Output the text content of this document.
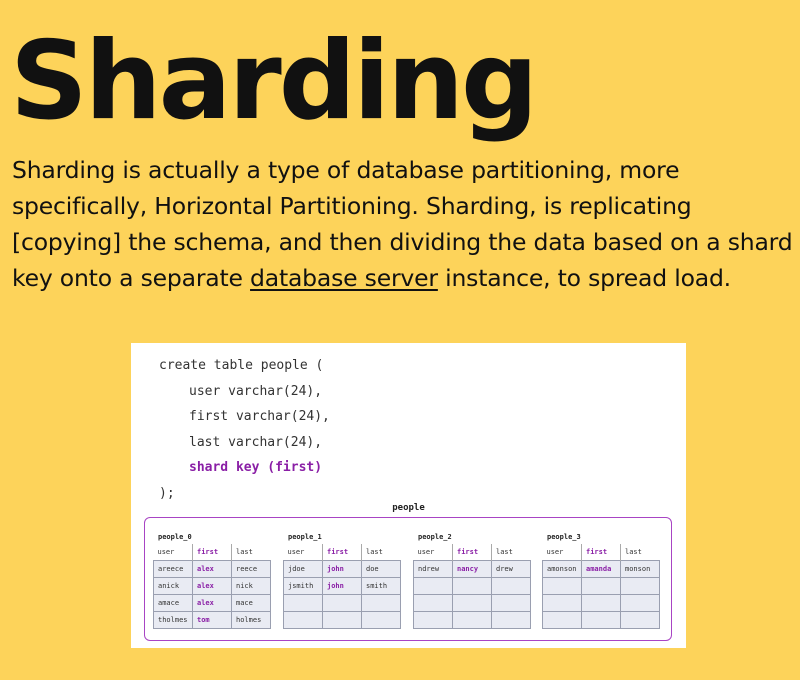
Sharding

Sharding is actually a type of database partitioning, more specifically, Horizontal Partitioning. Sharding, is replicating [copying] the schema, and then dividing the data based on a shard key onto a separate database server instance, to spread load.

create table people (
user varchar(24),
first varchar(24),
last varchar(24),
shard key (first)
);
people
people_0
user	first	last
areece	alex	reece
anick	alex	nick
amace	alex	mace
tholmes	tom	holmes
people_1
user	first	last
jdoe	john	doe
jsmith	john	smith

people_2
user	first	last
ndrew	nancy	drew

people_3
user	first	last
amonson	amanda	monson
